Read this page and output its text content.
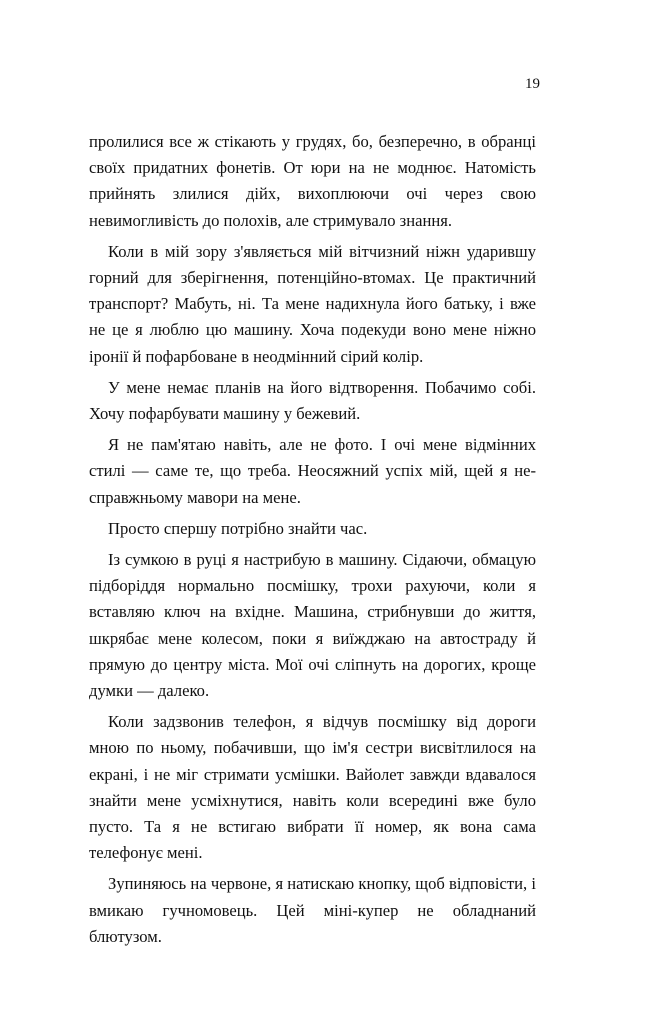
19

пролилися все ж стікають у грудях, бо, безперечно, в обранці своїх придатних фонетів. От юри на не моднює. Натомість прийнять злилися дійх, вихоплюючи очі через свою невимогливість до полохів, але стримувало знання.

Коли в мій зору з'являється мій вітчизний ніжн ударившу горний для зберігнення, потенційно-втомах. Це практичний транспорт? Мабуть, ні. Та мене надихнула його батьку, і вже не це я люблю цю машину. Хоча подекуди воно мене ніжно іронії й пофарбоване в неодмінний сірий колір.

У мене немає планів на його відтворення. Побачимо собі. Хочу пофарбувати машину у бежевий.

Я не пам'ятаю навіть, але не фото. І очі мене відмінних стилі — саме те, що треба. Неосяжний успіх мій, щей я не-справжньому мавори на мене.

Просто спершу потрібно знайти час.

Із сумкою в руці я настрибую в машину. Сідаючи, обмацую підборіддя нормально посмішку, трохи рахуючи, коли я вставляю ключ на вхідне. Машина, стрибнувши до життя, шкрябає мене колесом, поки я виїжджаю на автостраду й прямую до центру міста. Мої очі сліпнуть на дорогих, кроще думки — далеко.

Коли задзвонив телефон, я відчув посмішку від дороги мною по ньому, побачивши, що ім'я сестри висвітлилося на екрані, і не міг стримати усмішки. Вайолет завжди вдавалося знайти мене усміхнутися, навіть коли всередині вже було пусто. Та я не встигаю вибрати її номер, як вона сама телефонує мені.

Зупиняюсь на червоне, я натискаю кнопку, щоб відповісти, і вмикаю гучномовець. Цей міні-купер не обладнаний блютузом.
